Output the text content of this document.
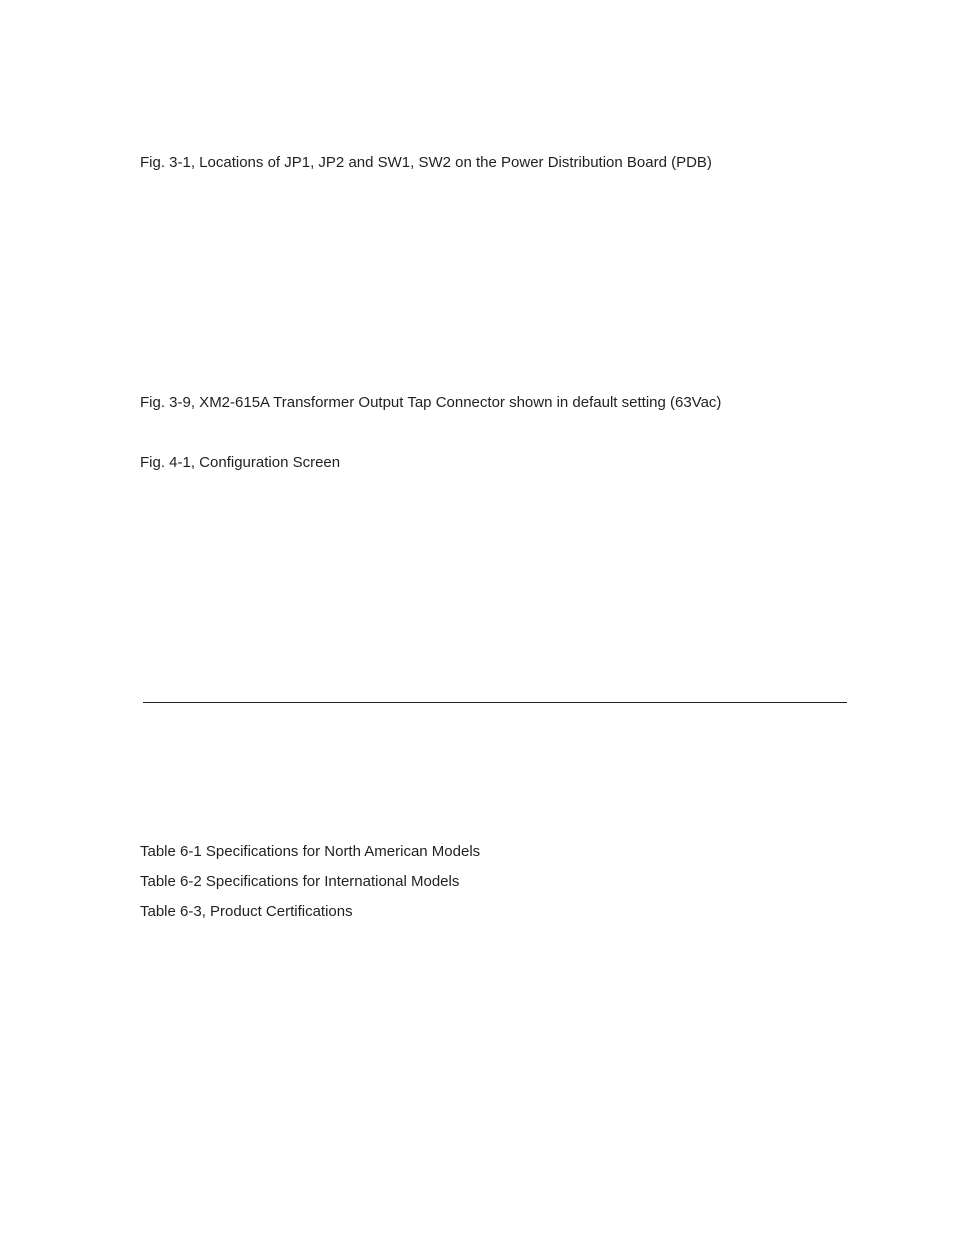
Fig. 3-1, Locations of JP1, JP2 and SW1, SW2 on the Power Distribution Board (PDB)

Fig. 3-9, XM2-615A Transformer Output Tap Connector shown in default setting (63Vac)

Fig. 4-1, Configuration Screen

Table 6-1 Specifications for North American Models

Table 6-2 Specifications for International Models

Table 6-3, Product Certifications
